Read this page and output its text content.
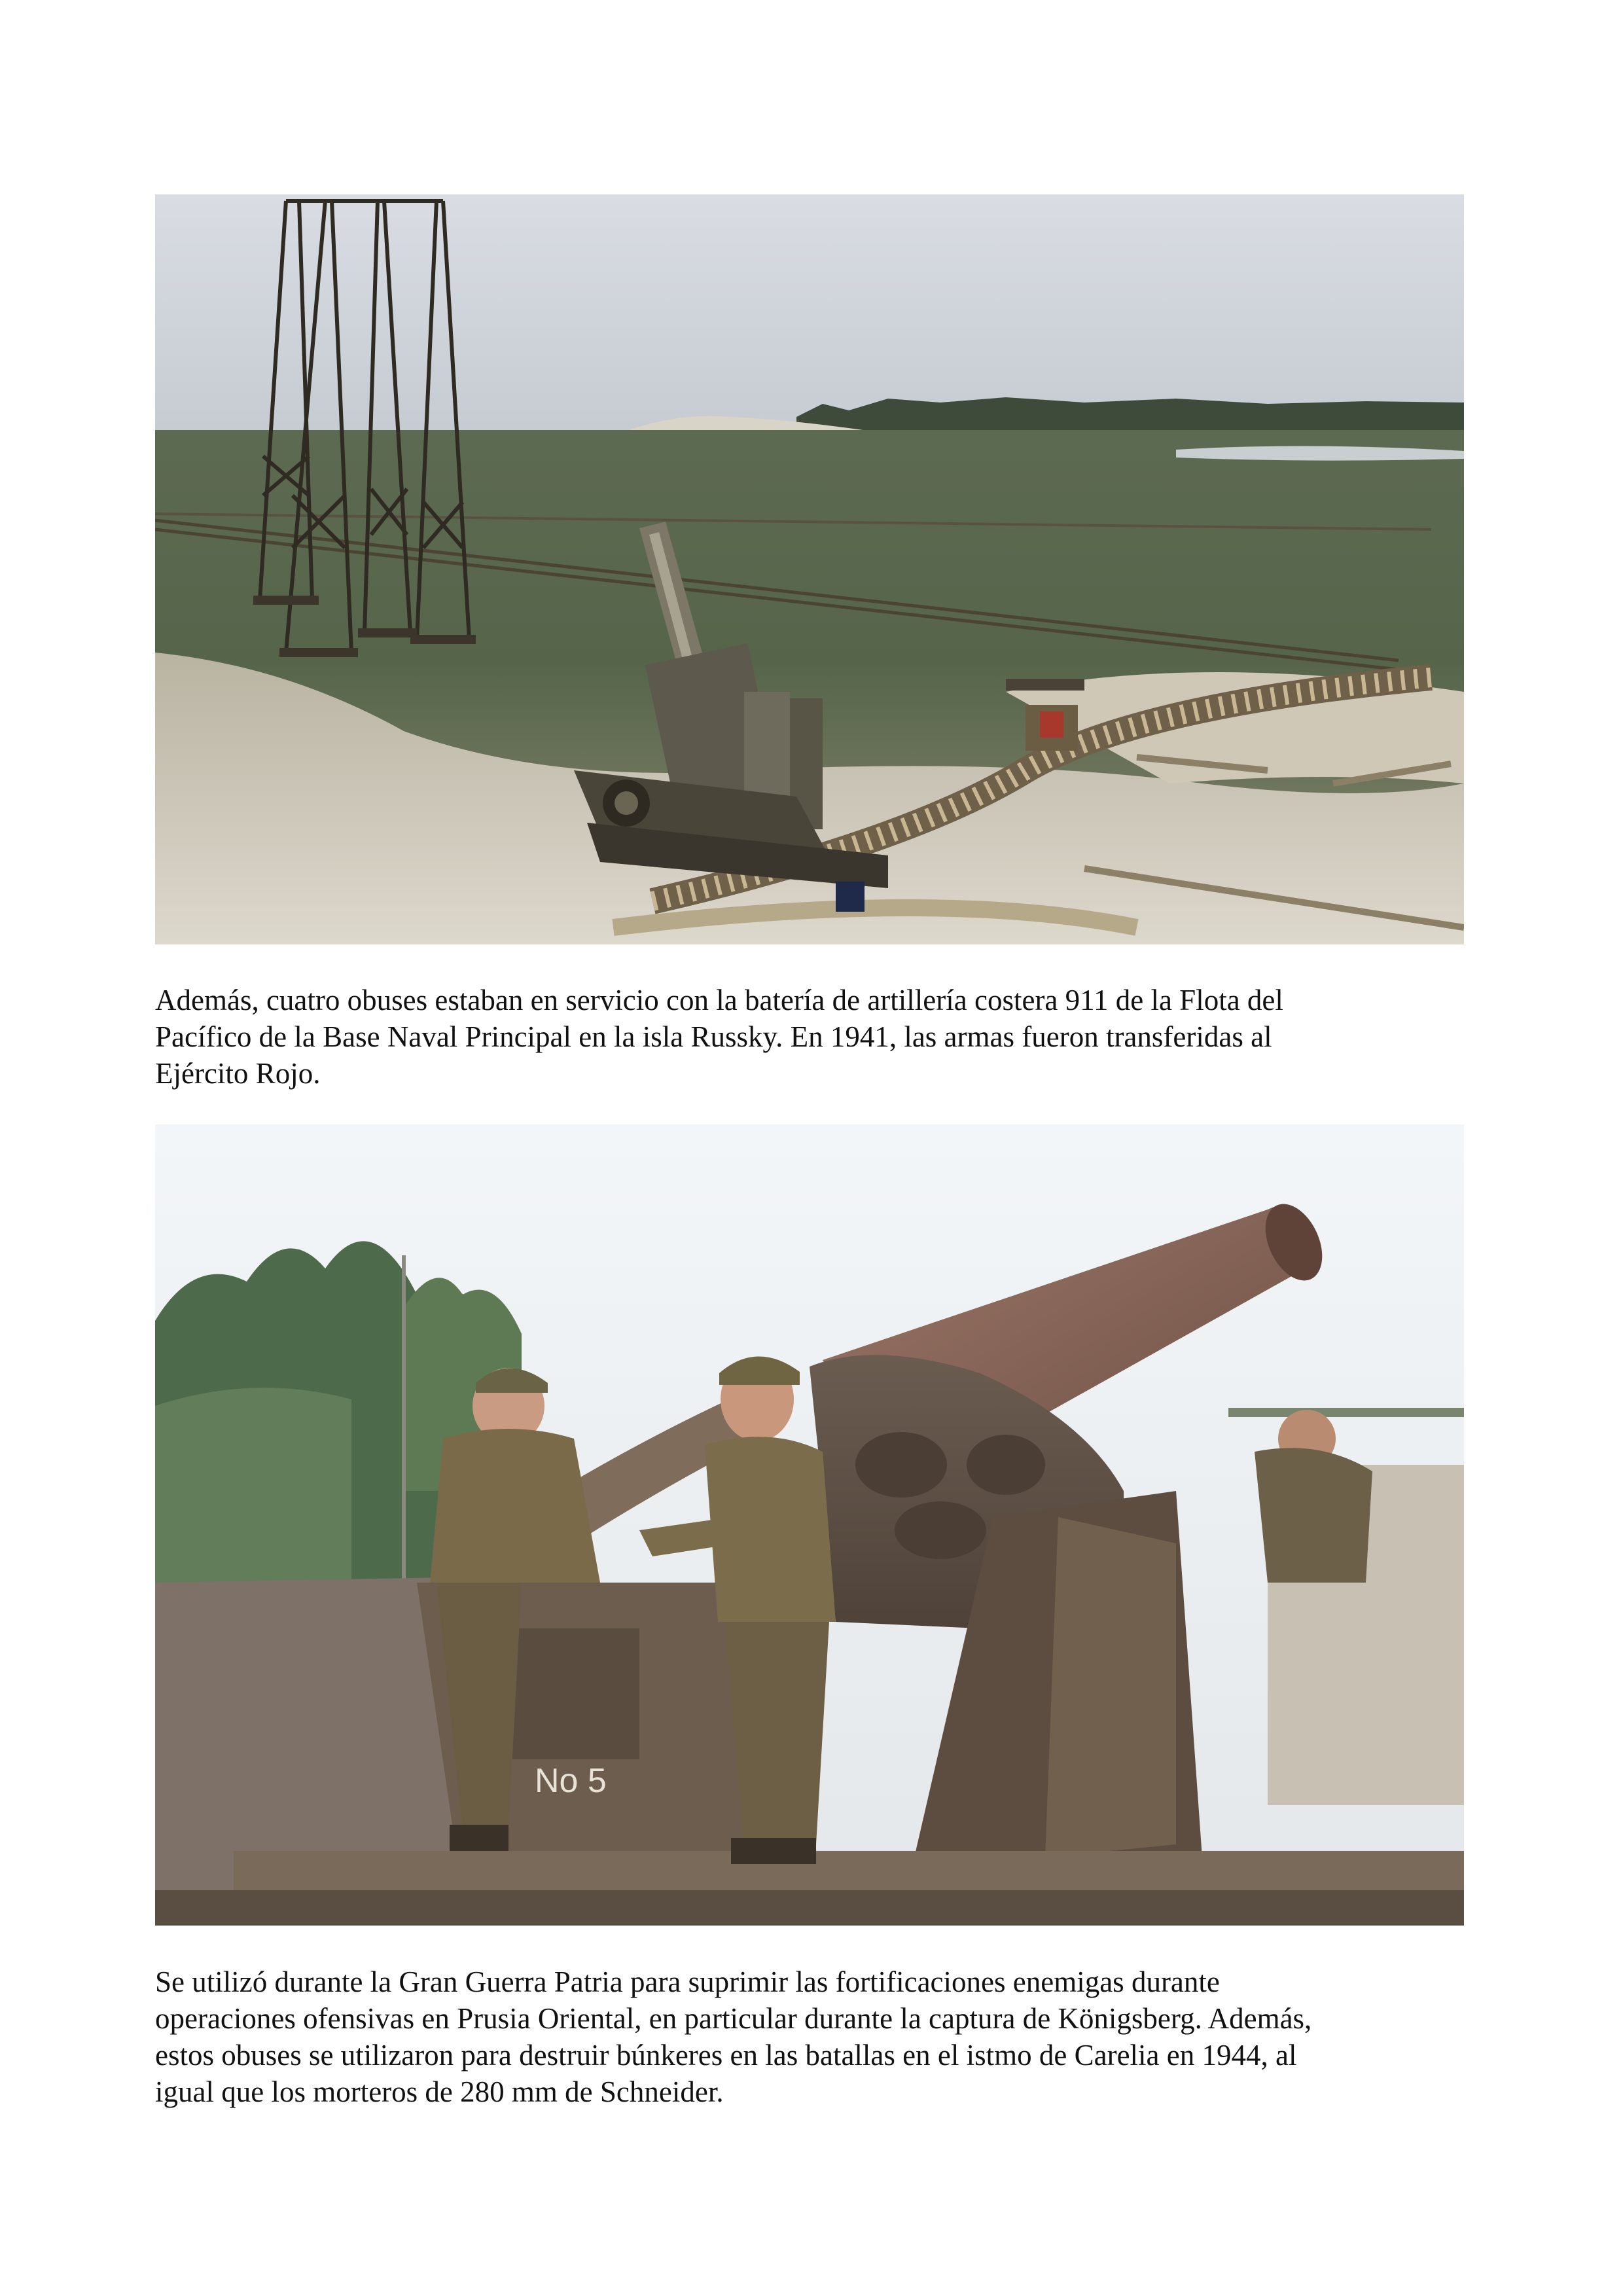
Además, cuatro obuses estaban en servicio con la batería de artillería costera 911 de la Flota del
Pacífico de la Base Naval Principal en la isla Russky. En 1941, las armas fueron transferidas al
Ejército Rojo.

No 5

Se utilizó durante la Gran Guerra Patria para suprimir las fortificaciones enemigas durante
operaciones ofensivas en Prusia Oriental, en particular durante la captura de Königsberg. Además,
estos obuses se utilizaron para destruir búnkeres en las batallas en el istmo de Carelia en 1944, al
igual que los morteros de 280 mm de Schneider.
